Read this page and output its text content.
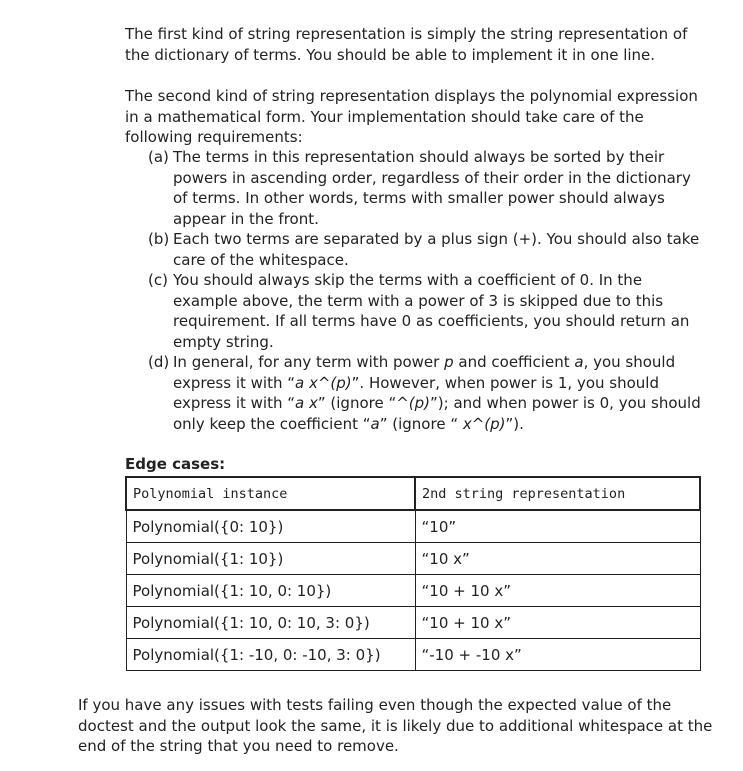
The first kind of string representation is simply the string representation of the dictionary of terms. You should be able to implement it in one line.

The second kind of string representation displays the polynomial expression in a mathematical form. Your implementation should take care of the following requirements:

(a) The terms in this representation should always be sorted by their powers in ascending order, regardless of their order in the dictionary of terms. In other words, terms with smaller power should always appear in the front.
(b) Each two terms are separated by a plus sign (+). You should also take care of the whitespace.
(c) You should always skip the terms with a coefficient of 0. In the example above, the term with a power of 3 is skipped due to this requirement. If all terms have 0 as coefficients, you should return an empty string.
(d) In general, for any term with power p and coefficient a, you should express it with “a x^(p)”. However, when power is 1, you should express it with “a x” (ignore “^(p)”); and when power is 0, you should only keep the coefficient “a” (ignore “ x^(p)”).
Edge cases:
Polynomial instance	2nd string representation
Polynomial({0: 10})	“10”
Polynomial({1: 10})	“10 x”
Polynomial({1: 10, 0: 10})	“10 + 10 x”
Polynomial({1: 10, 0: 10, 3: 0})	“10 + 10 x”
Polynomial({1: -10, 0: -10, 3: 0})	“-10 + -10 x”

If you have any issues with tests failing even though the expected value of the doctest and the output look the same, it is likely due to additional whitespace at the end of the string that you need to remove.
